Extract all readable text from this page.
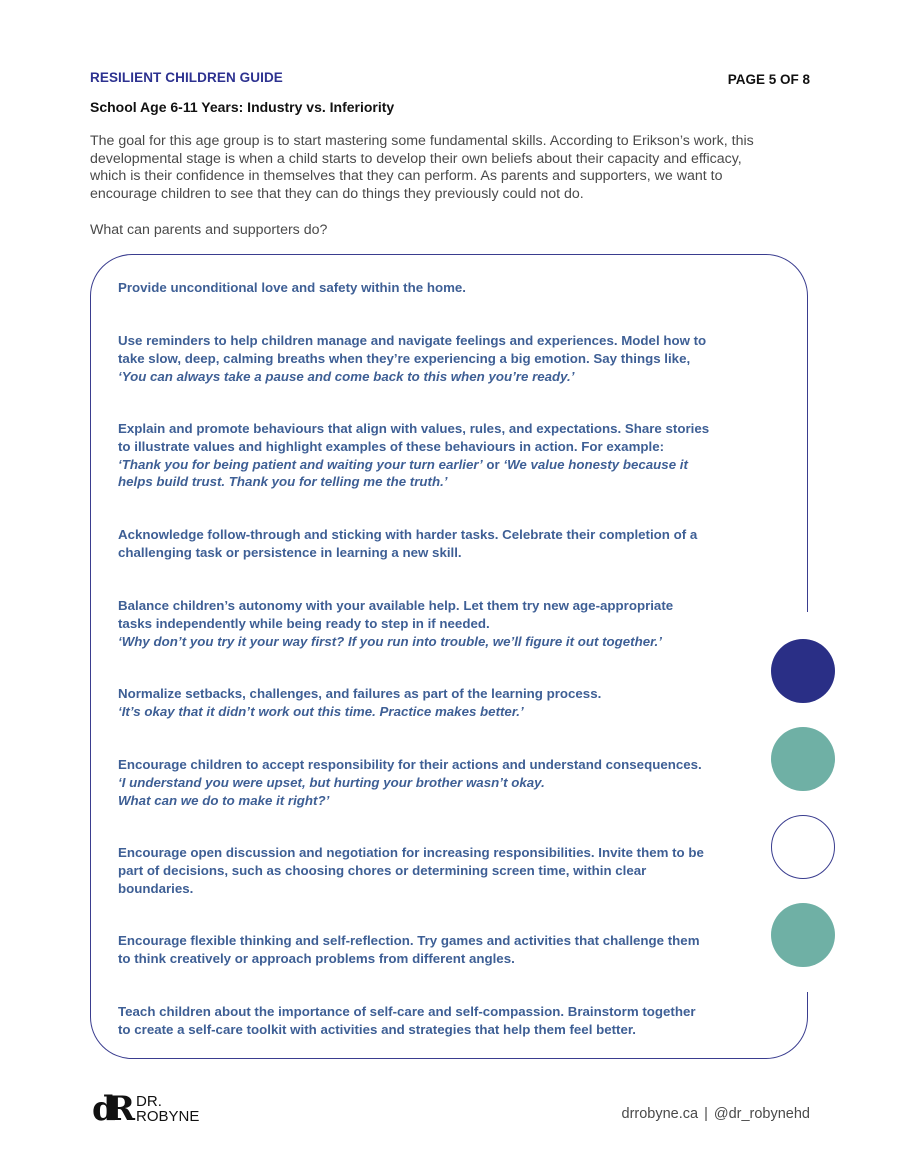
RESILIENT CHILDREN GUIDE	PAGE 5 OF 8
School Age 6-11 Years: Industry vs. Inferiority
The goal for this age group is to start mastering some fundamental skills. According to Erikson’s work, this
developmental stage is when a child starts to develop their own beliefs about their capacity and efficacy,
which is their confidence in themselves that they can perform. As parents and supporters, we want to
encourage children to see that they can do things they previously could not do.
What can parents and supporters do?
Provide unconditional love and safety within the home.
Use reminders to help children manage and navigate feelings and experiences. Model how to
take slow, deep, calming breaths when they’re experiencing a big emotion. Say things like,
‘You can always take a pause and come back to this when you’re ready.’
Explain and promote behaviours that align with values, rules, and expectations. Share stories
to illustrate values and highlight examples of these behaviours in action. For example:
‘Thank you for being patient and waiting your turn earlier’ or ‘We value honesty because it
helps build trust. Thank you for telling me the truth.’
Acknowledge follow-through and sticking with harder tasks. Celebrate their completion of a
challenging task or persistence in learning a new skill.
Balance children’s autonomy with your available help. Let them try new age-appropriate
tasks independently while being ready to step in if needed.
‘Why don’t you try it your way first? If you run into trouble, we’ll figure it out together.’
Normalize setbacks, challenges, and failures as part of the learning process.
‘It’s okay that it didn’t work out this time. Practice makes better.’
Encourage children to accept responsibility for their actions and understand consequences.
‘I understand you were upset, but hurting your brother wasn’t okay.
What can we do to make it right?’
Encourage open discussion and negotiation for increasing responsibilities. Invite them to be
part of decisions, such as choosing chores or determining screen time, within clear
boundaries.
Encourage flexible thinking and self-reflection. Try games and activities that challenge them
to think creatively or approach problems from different angles.
Teach children about the importance of self-care and self-compassion. Brainstorm together
to create a self-care toolkit with activities and strategies that help them feel better.
dR DR.
ROBYNE	drrobyne.ca | @dr_robynehd
